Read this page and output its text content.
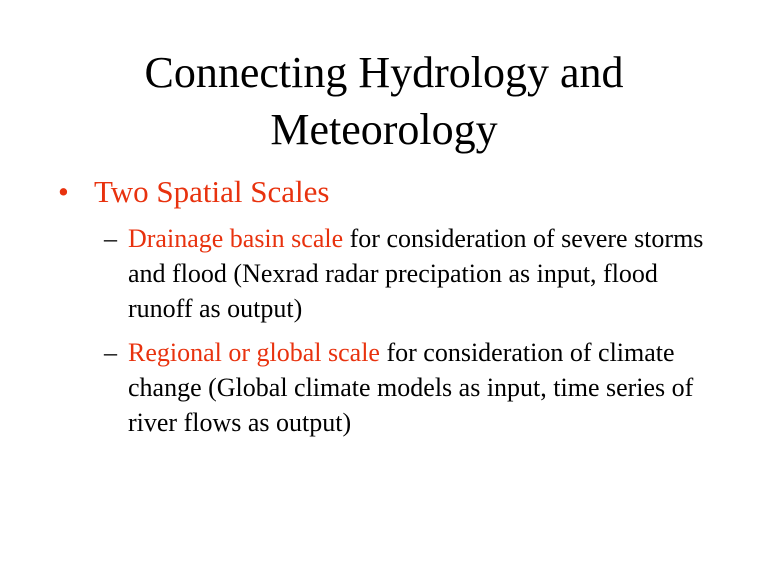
Connecting Hydrology and
Meteorology
• Two Spatial Scales
– Drainage basin scale for consideration of severe storms and flood (Nexrad radar precipation as input, flood runoff as output)
– Regional or global scale for consideration of climate change (Global climate models as input, time series of river flows as output)
